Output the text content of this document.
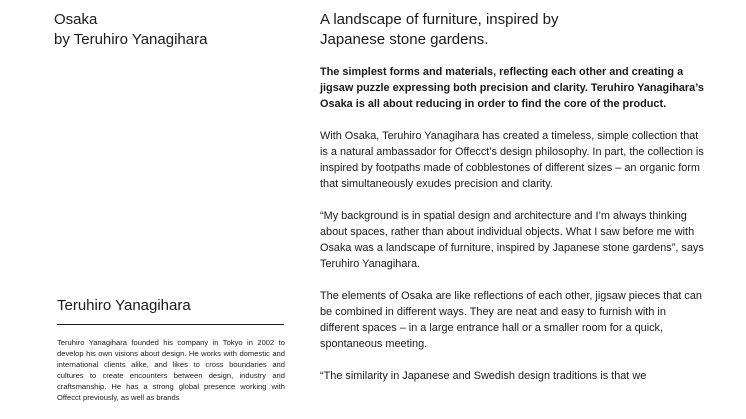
Osaka
by Teruhiro Yanagihara
Teruhiro Yanagihara

Teruhiro Yanagihara founded his company in Tokyo in 2002 to develop his own visions about design. He works with domestic and international clients alike, and likes to cross boundaries and cultures to create encounters between design, industry and craftsmanship. He has a strong global presence working with Offecct previously, as well as brands

A landscape of furniture, inspired by
Japanese stone gardens.

The simplest forms and materials, reflecting each other and creating a jigsaw puzzle expressing both precision and clarity. Teruhiro Yanagihara’s Osaka is all about reducing in order to find the core of the product.

With Osaka, Teruhiro Yanagihara has created a timeless, simple collection that is a natural ambassador for Offecct’s design philosophy. In part, the collection is inspired by footpaths made of cobblestones of different sizes – an organic form that simultaneously exudes precision and clarity.

“My background is in spatial design and architecture and I’m always thinking about spaces, rather than about individual objects. What I saw before me with Osaka was a landscape of furniture, inspired by Japanese stone gardens”, says Teruhiro Yanagihara.

The elements of Osaka are like reflections of each other, jigsaw pieces that can be combined in different ways. They are neat and easy to furnish with in different spaces – in a large entrance hall or a smaller room for a quick, spontaneous meeting.

“The similarity in Japanese and Swedish design traditions is that we
